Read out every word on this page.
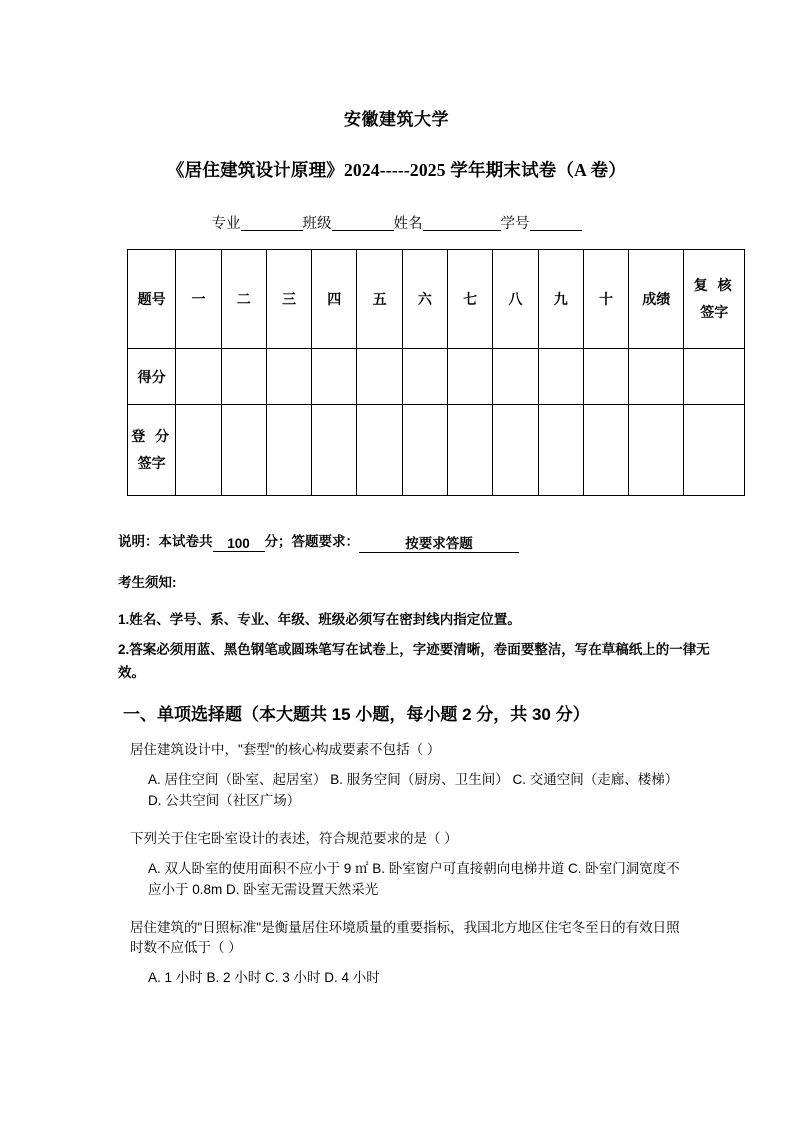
安徽建筑大学
《居住建筑设计原理》2024-----2025 学年期末试卷（A 卷）
专业	班级	姓名	学号
题号	一	二	三	四	五	六	七	八	九	十	成绩	复 核
签字

得分												

登 分
签字												

说明：本试卷共 100 分；答题要求：	按要求答题
考生须知:
1.姓名、学号、系、专业、年级、班级必须写在密封线内指定位置。
2.答案必须用蓝、黑色钢笔或圆珠笔写在试卷上，字迹要清晰，卷面要整洁，写在草稿纸上的一律无效。
一、单项选择题（本大题共 15 小题，每小题 2 分，共 30 分）
居住建筑设计中，"套型"的核心构成要素不包括（ ）
A. 居住空间（卧室、起居室） B. 服务空间（厨房、卫生间） C. 交通空间（走廊、楼梯） D. 公共空间（社区广场）
下列关于住宅卧室设计的表述，符合规范要求的是（ ）
A. 双人卧室的使用面积不应小于 9 ㎡ B. 卧室窗户可直接朝向电梯井道 C. 卧室门洞宽度不应小于 0.8m D. 卧室无需设置天然采光
居住建筑的"日照标准"是衡量居住环境质量的重要指标，我国北方地区住宅冬至日的有效日照时数不应低于（ ）
A. 1 小时 B. 2 小时 C. 3 小时 D. 4 小时
